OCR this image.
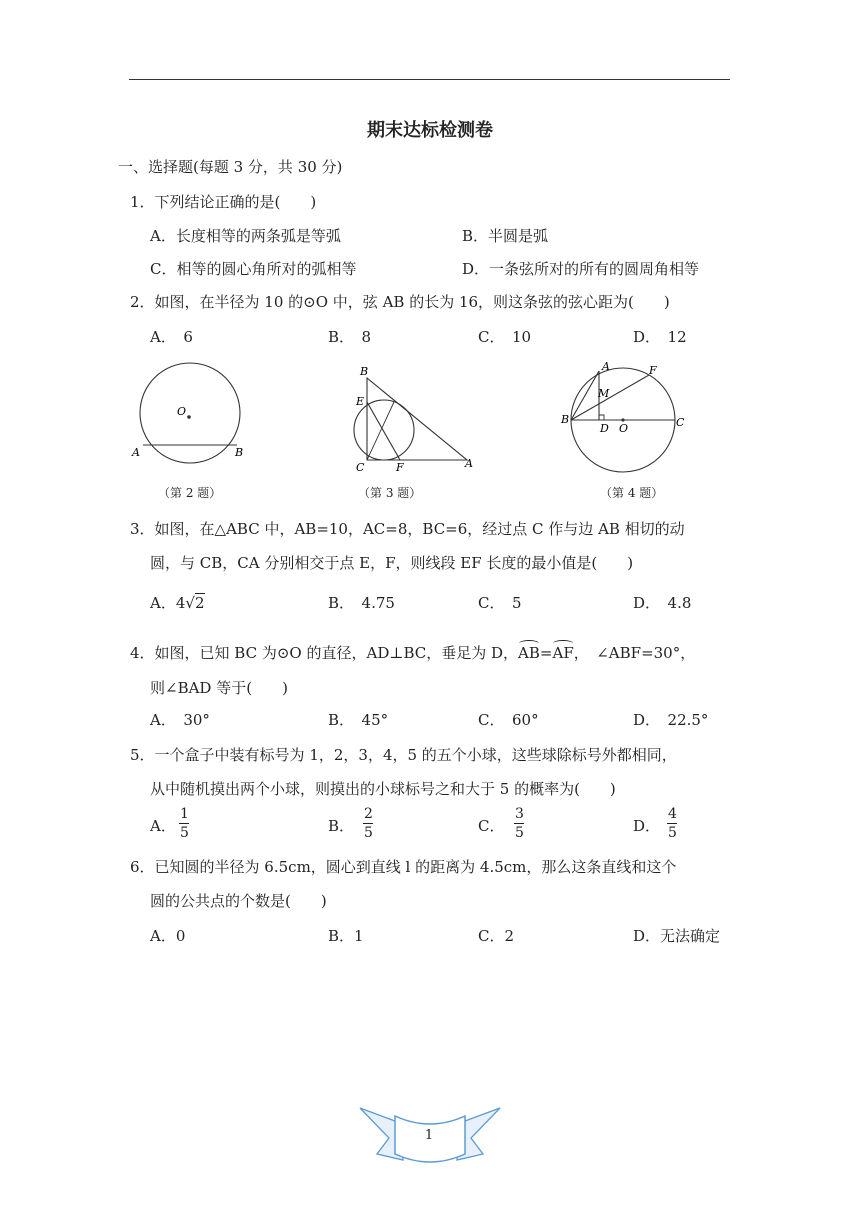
期末达标检测卷
一、选择题(每题 3 分，共 30 分)
1．下列结论正确的是(　　)
A．长度相等的两条弧是等弧	B．半圆是弧
C．相等的圆心角所对的弧相等	D．一条弦所对的所有的圆周角相等
2．如图，在半径为 10 的⊙O 中，弦 AB 的长为 16，则这条弦的弦心距为(　　)
A．　6	B．　8	C．　10	D．　12
O
A	B
（第 2 题）
B
E
C	F	A
（第 3 题）
A	F
M
B
D O	C
（第 4 题）
3．如图，在△ABC 中，AB=10，AC=8，BC=6，经过点 C 作与边 AB 相切的动
圆，与 CB，CA 分别相交于点 E，F，则线段 EF 长度的最小值是(　　)
A．4√2	B．　4.75	C．　5	D．　4.8
4．如图，已知 BC 为⊙O 的直径，AD⊥BC，垂足为 D，AB=AF，　∠ABF=30°，
则∠BAD 等于(　　)
A．　30°	B．　45°	C．　60°	D．　22.5°
5．一个盒子中装有标号为 1，2，3，4，5 的五个小球，这些球除标号外都相同，
从中随机摸出两个小球，则摸出的小球标号之和大于 5 的概率为(　　)
A．
1
5	B．
2
5	C．
3
5	D．
4
5
6．已知圆的半径为 6.5cm，圆心到直线 l 的距离为 4.5cm，那么这条直线和这个
圆的公共点的个数是(　　)
A．0	B．1	C．2	D．无法确定
1
